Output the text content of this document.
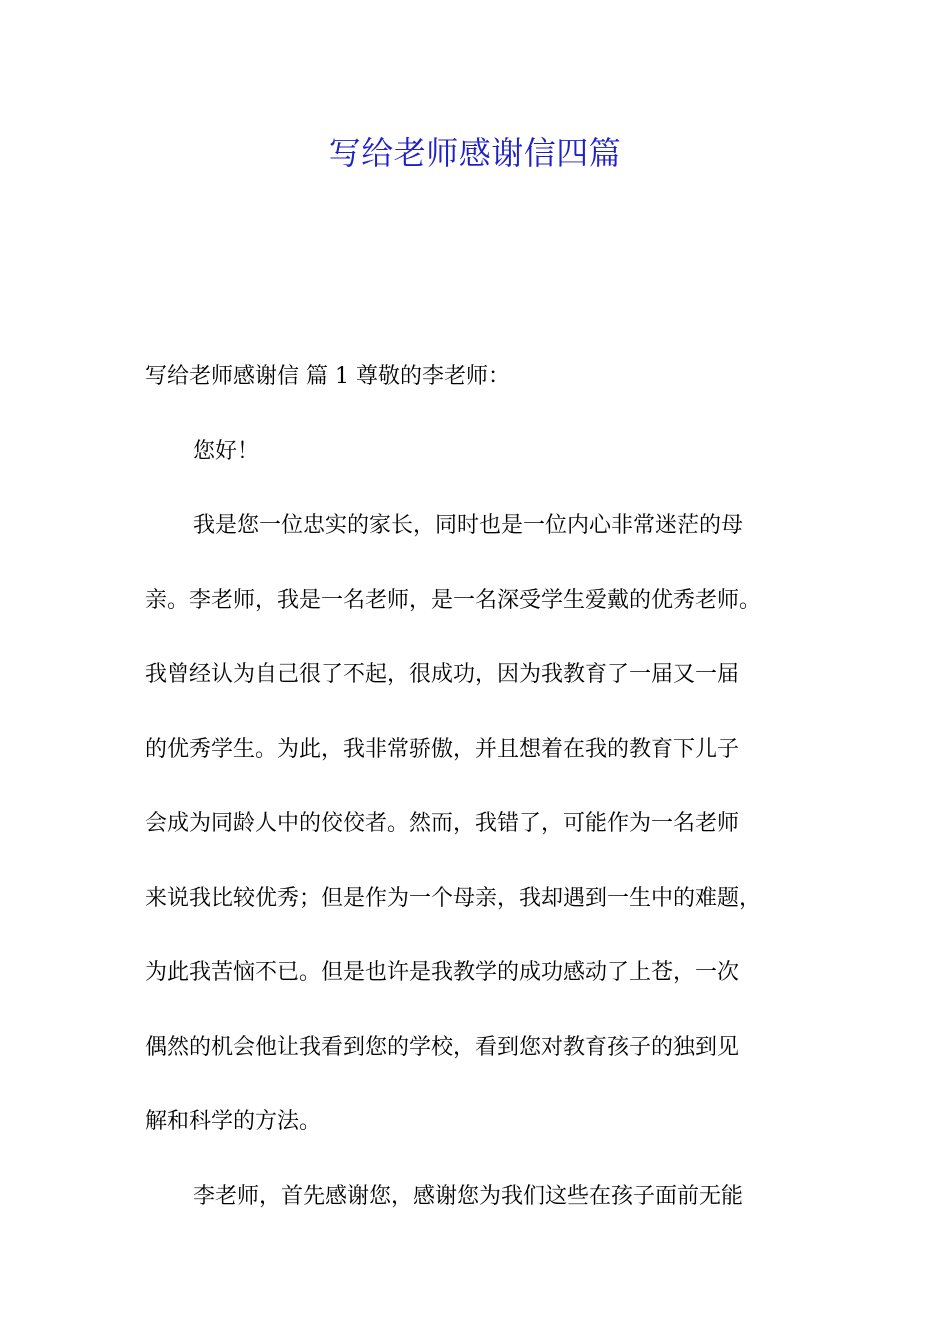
写给老师感谢信四篇
写给老师感谢信 篇 1 尊敬的李老师：
您好！
我是您一位忠实的家长，同时也是一位内心非常迷茫的母
亲。李老师，我是一名老师，是一名深受学生爱戴的优秀老师。
我曾经认为自己很了不起，很成功，因为我教育了一届又一届
的优秀学生。为此，我非常骄傲，并且想着在我的教育下儿子
会成为同龄人中的佼佼者。然而，我错了，可能作为一名老师
来说我比较优秀；但是作为一个母亲，我却遇到一生中的难题，
为此我苦恼不已。但是也许是我教学的成功感动了上苍，一次
偶然的机会他让我看到您的学校，看到您对教育孩子的独到见
解和科学的方法。
李老师，首先感谢您，感谢您为我们这些在孩子面前无能
